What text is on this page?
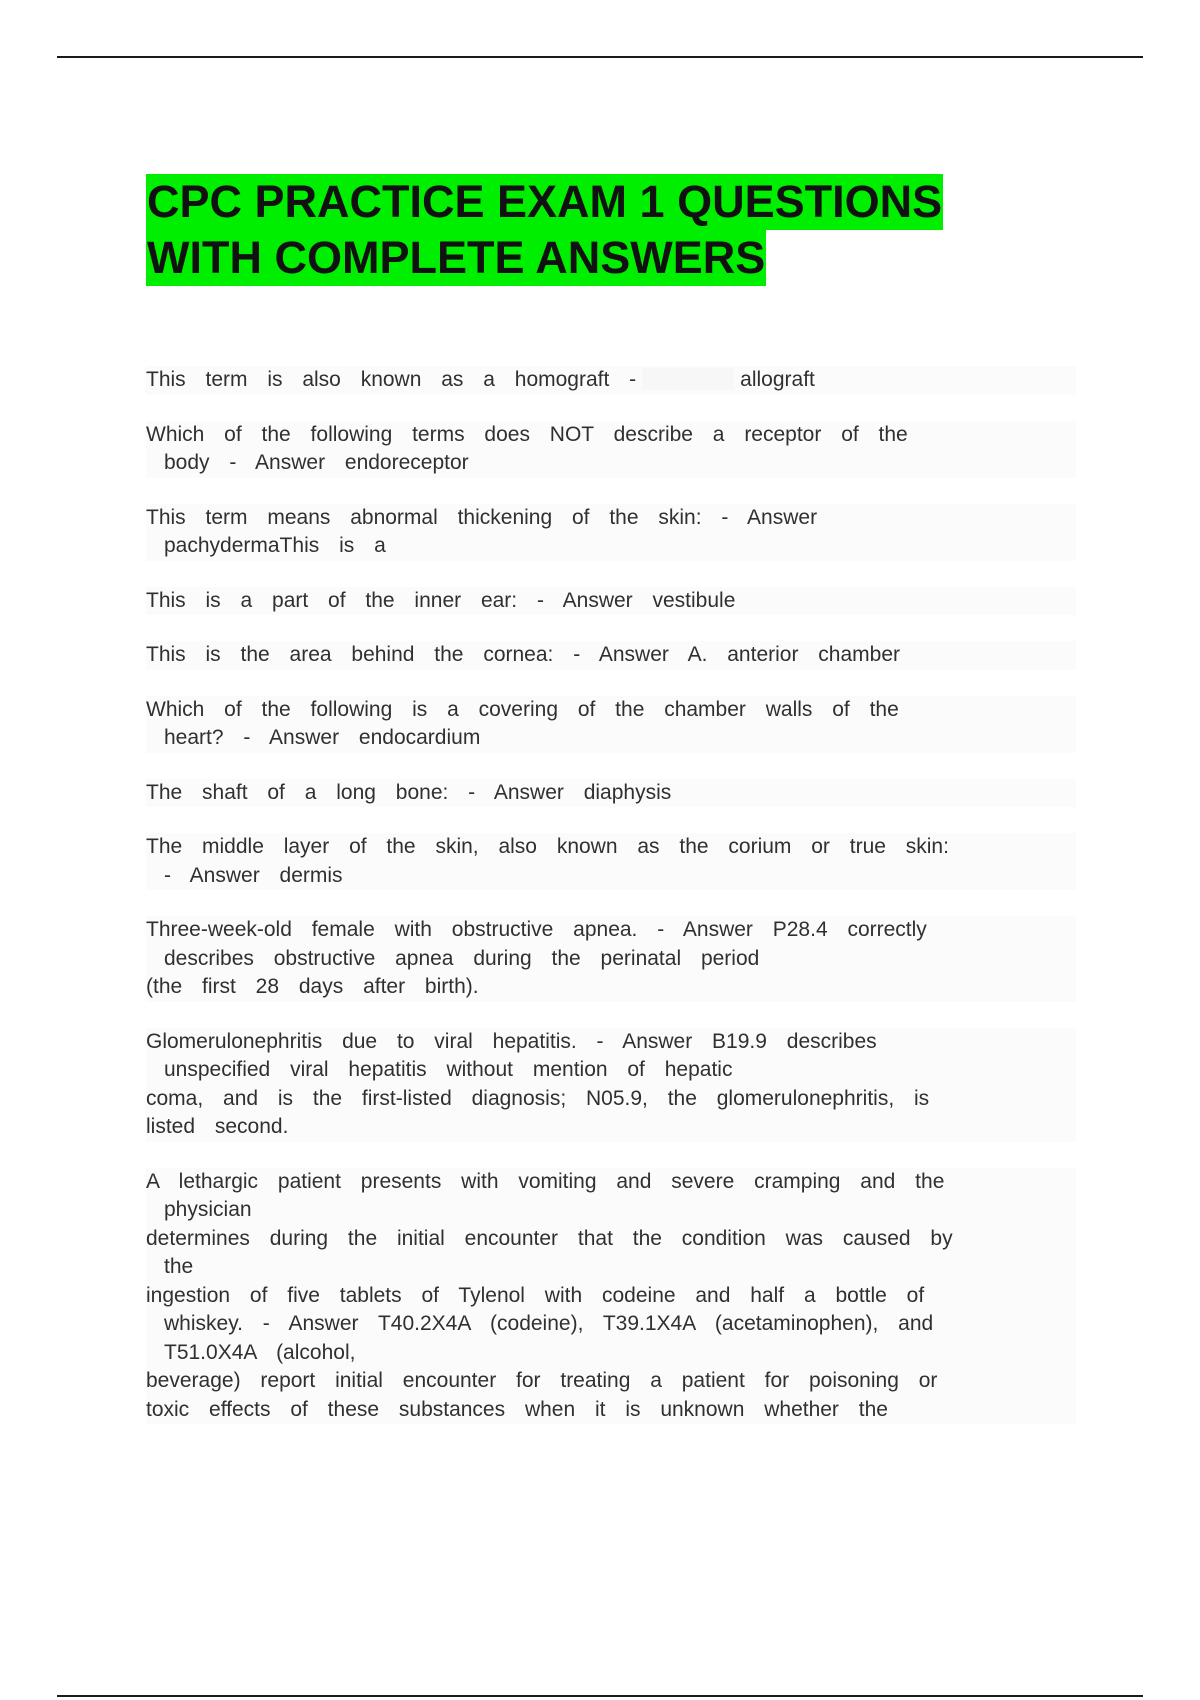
CPC PRACTICE EXAM 1 QUESTIONS
WITH COMPLETE ANSWERS
This term is also known as a homograft -	allograft
Which of the following terms does NOT describe a receptor of the
body - Answer endoreceptor
This term means abnormal thickening of the skin: - Answer
pachydermaThis is a
This is a part of the inner ear: - Answer vestibule
This is the area behind the cornea: - Answer A. anterior chamber
Which of the following is a covering of the chamber walls of the
heart? - Answer endocardium
The shaft of a long bone: - Answer diaphysis
The middle layer of the skin, also known as the corium or true skin:
- Answer dermis
Three-week-old female with obstructive apnea. - Answer P28.4 correctly
describes obstructive apnea during the perinatal period
(the first 28 days after birth).
Glomerulonephritis due to viral hepatitis. - Answer B19.9 describes
unspecified viral hepatitis without mention of hepatic
coma, and is the first-listed diagnosis; N05.9, the glomerulonephritis, is
listed second.
A lethargic patient presents with vomiting and severe cramping and the
physician
determines during the initial encounter that the condition was caused by
the
ingestion of five tablets of Tylenol with codeine and half a bottle of
whiskey. - Answer T40.2X4A (codeine), T39.1X4A (acetaminophen), and
T51.0X4A (alcohol,
beverage) report initial encounter for treating a patient for poisoning or
toxic effects of these substances when it is unknown whether the
